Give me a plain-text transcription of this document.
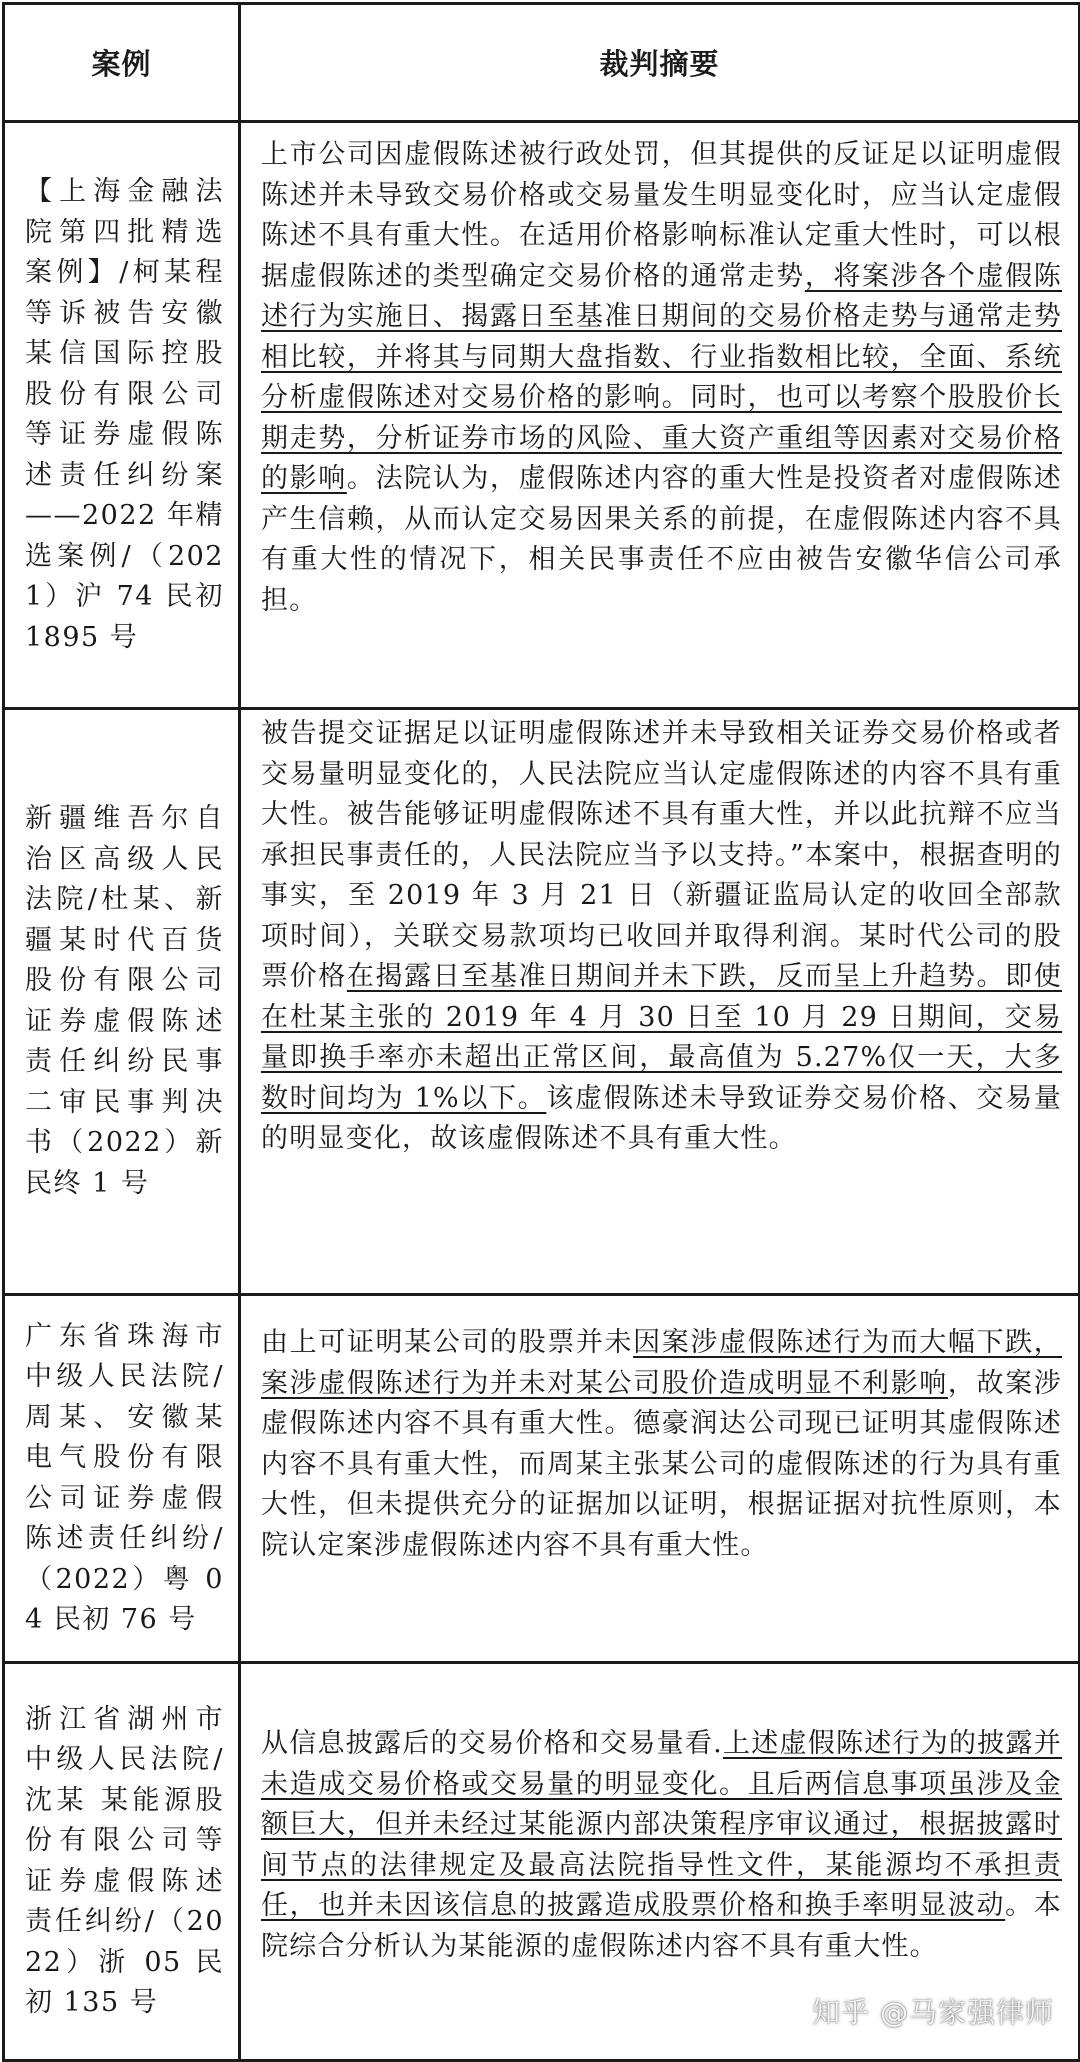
案例	裁判摘要
【上海金融法院第四批精选案例】/柯某程等诉被告安徽某信国际控股股份有限公司等证券虚假陈述责任纠纷案——2022 年精选案例/（2021）沪 74 民初 1895 号	上市公司因虚假陈述被行政处罚，但其提供的反证足以证明虚假陈述并未导致交易价格或交易量发生明显变化时，应当认定虚假陈述不具有重大性。在适用价格影响标准认定重大性时，可以根据虚假陈述的类型确定交易价格的通常走势，将案涉各个虚假陈述行为实施日、揭露日至基准日期间的交易价格走势与通常走势相比较，并将其与同期大盘指数、行业指数相比较，全面、系统分析虚假陈述对交易价格的影响。同时，也可以考察个股股价长期走势，分析证券市场的风险、重大资产重组等因素对交易价格的影响。法院认为，虚假陈述内容的重大性是投资者对虚假陈述产生信赖，从而认定交易因果关系的前提，在虚假陈述内容不具有重大性的情况下，相关民事责任不应由被告安徽华信公司承担。
新疆维吾尔自治区高级人民法院/杜某、新疆某时代百货股份有限公司证券虚假陈述责任纠纷民事二审民事判决书（2022）新民终 1 号	被告提交证据足以证明虚假陈述并未导致相关证券交易价格或者交易量明显变化的，人民法院应当认定虚假陈述的内容不具有重大性。被告能够证明虚假陈述不具有重大性，并以此抗辩不应当承担民事责任的，人民法院应当予以支持。”本案中，根据查明的事实，至 2019 年 3 月 21 日（新疆证监局认定的收回全部款项时间），关联交易款项均已收回并取得利润。某时代公司的股票价格在揭露日至基准日期间并未下跌，反而呈上升趋势。即使在杜某主张的 2019 年 4 月 30 日至 10 月 29 日期间，交易量即换手率亦未超出正常区间，最高值为 5.27%仅一天，大多数时间均为 1%以下。该虚假陈述未导致证券交易价格、交易量的明显变化，故该虚假陈述不具有重大性。
广东省珠海市中级人民法院/周某、安徽某电气股份有限公司证券虚假陈述责任纠纷/（2022）粤 04 民初 76 号	由上可证明某公司的股票并未因案涉虚假陈述行为而大幅下跌，案涉虚假陈述行为并未对某公司股价造成明显不利影响，故案涉虚假陈述内容不具有重大性。德豪润达公司现已证明其虚假陈述内容不具有重大性，而周某主张某公司的虚假陈述的行为具有重大性，但未提供充分的证据加以证明，根据证据对抗性原则，本院认定案涉虚假陈述内容不具有重大性。
浙江省湖州市中级人民法院/沈某 某能源股份有限公司等证券虚假陈述责任纠纷/（2022）浙 05 民初 135 号	从信息披露后的交易价格和交易量看.上述虚假陈述行为的披露并未造成交易价格或交易量的明显变化。且后两信息事项虽涉及金额巨大，但并未经过某能源内部决策程序审议通过，根据披露时间节点的法律规定及最高法院指导性文件，某能源均不承担责任，也并未因该信息的披露造成股票价格和换手率明显波动。本院综合分析认为某能源的虚假陈述内容不具有重大性。
知乎 @马家强律师
